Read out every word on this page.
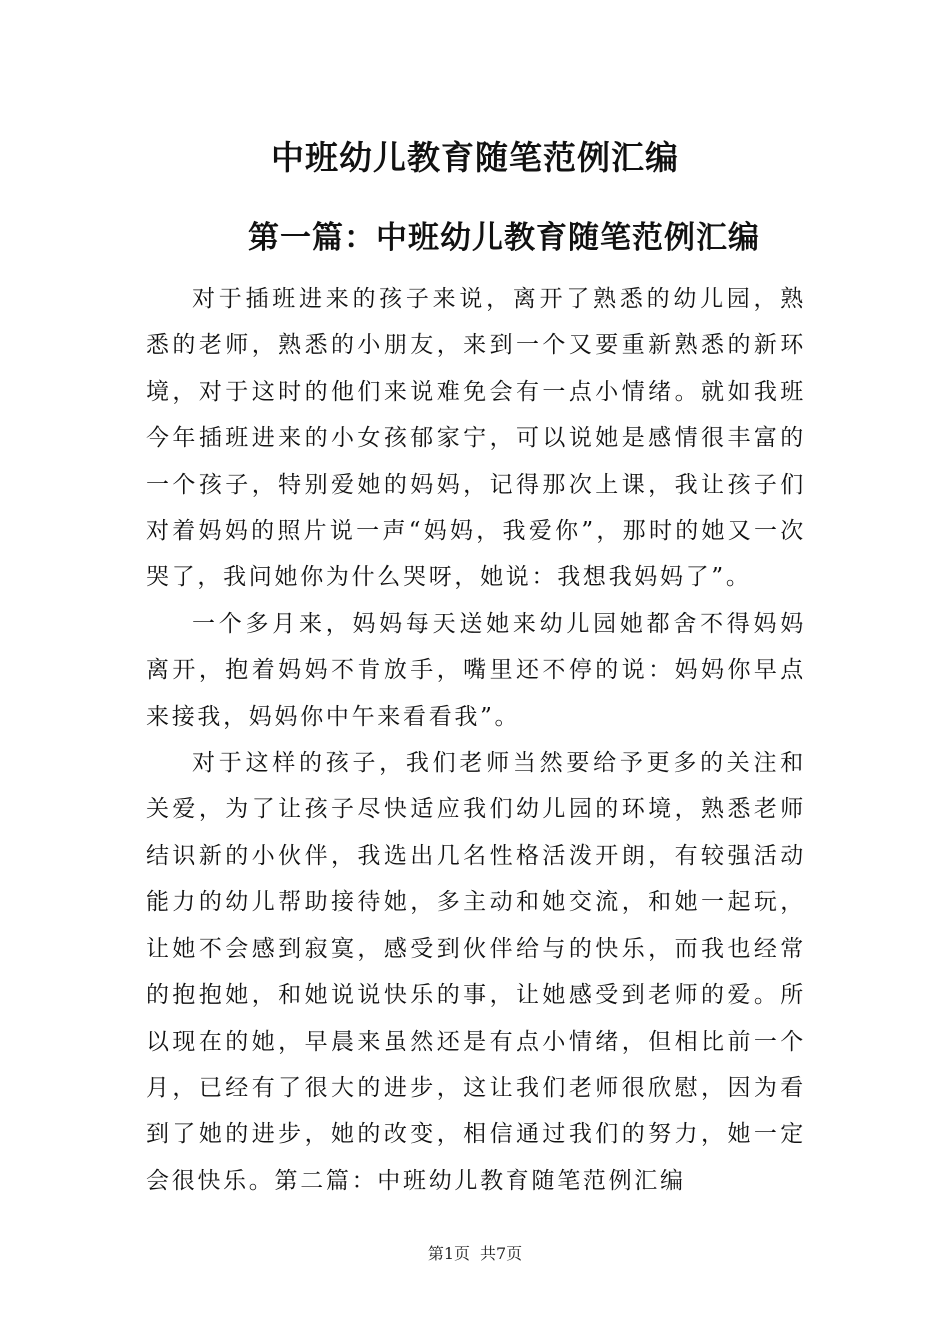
中班幼儿教育随笔范例汇编
第一篇：中班幼儿教育随笔范例汇编

对于插班进来的孩子来说，离开了熟悉的幼儿园，熟悉的老师，熟悉的小朋友，来到一个又要重新熟悉的新环境，对于这时的他们来说难免会有一点小情绪。就如我班今年插班进来的小女孩郁家宁，可以说她是感情很丰富的一个孩子，特别爱她的妈妈，记得那次上课，我让孩子们对着妈妈的照片说一声“妈妈，我爱你”，那时的她又一次哭了，我问她你为什么哭呀，她说：我想我妈妈了”。

一个多月来，妈妈每天送她来幼儿园她都舍不得妈妈离开，抱着妈妈不肯放手，嘴里还不停的说：妈妈你早点来接我，妈妈你中午来看看我”。

对于这样的孩子，我们老师当然要给予更多的关注和关爱，为了让孩子尽快适应我们幼儿园的环境，熟悉老师结识新的小伙伴，我选出几名性格活泼开朗，有较强活动能力的幼儿帮助接待她，多主动和她交流，和她一起玩，让她不会感到寂寞，感受到伙伴给与的快乐，而我也经常的抱抱她，和她说说快乐的事，让她感受到老师的爱。所以现在的她，早晨来虽然还是有点小情绪，但相比前一个月，已经有了很大的进步，这让我们老师很欣慰，因为看到了她的进步，她的改变，相信通过我们的努力，她一定会很快乐。第二篇：中班幼儿教育随笔范例汇编

第1页 共7页
